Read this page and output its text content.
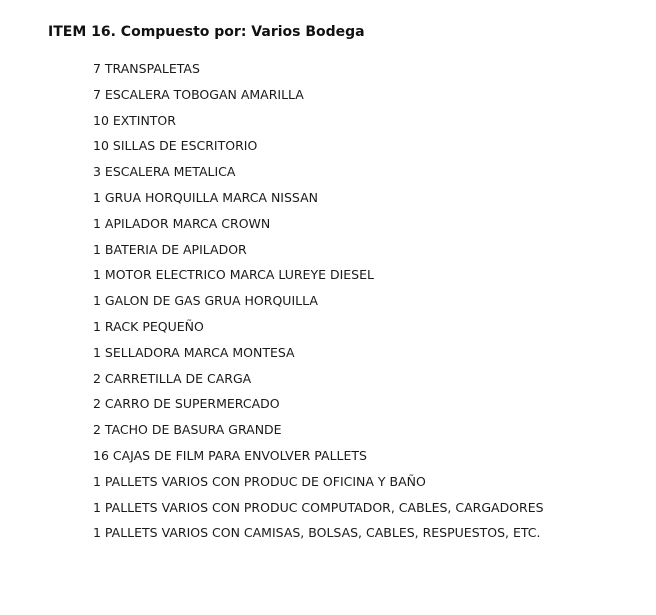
ITEM 16. Compuesto por: Varios Bodega
7 TRANSPALETAS
7 ESCALERA TOBOGAN AMARILLA
10 EXTINTOR
10 SILLAS DE ESCRITORIO
3 ESCALERA METALICA
1 GRUA HORQUILLA MARCA NISSAN
1 APILADOR MARCA CROWN
1 BATERIA DE APILADOR
1 MOTOR ELECTRICO MARCA LUREYE DIESEL
1 GALON DE GAS GRUA HORQUILLA
1 RACK PEQUEÑO
1 SELLADORA MARCA MONTESA
2 CARRETILLA DE CARGA
2 CARRO DE SUPERMERCADO
2 TACHO DE BASURA GRANDE
16 CAJAS DE FILM PARA ENVOLVER PALLETS
1 PALLETS VARIOS CON PRODUC DE OFICINA Y BAÑO
1 PALLETS VARIOS CON PRODUC COMPUTADOR, CABLES, CARGADORES
1 PALLETS VARIOS CON CAMISAS, BOLSAS, CABLES, RESPUESTOS, ETC.
